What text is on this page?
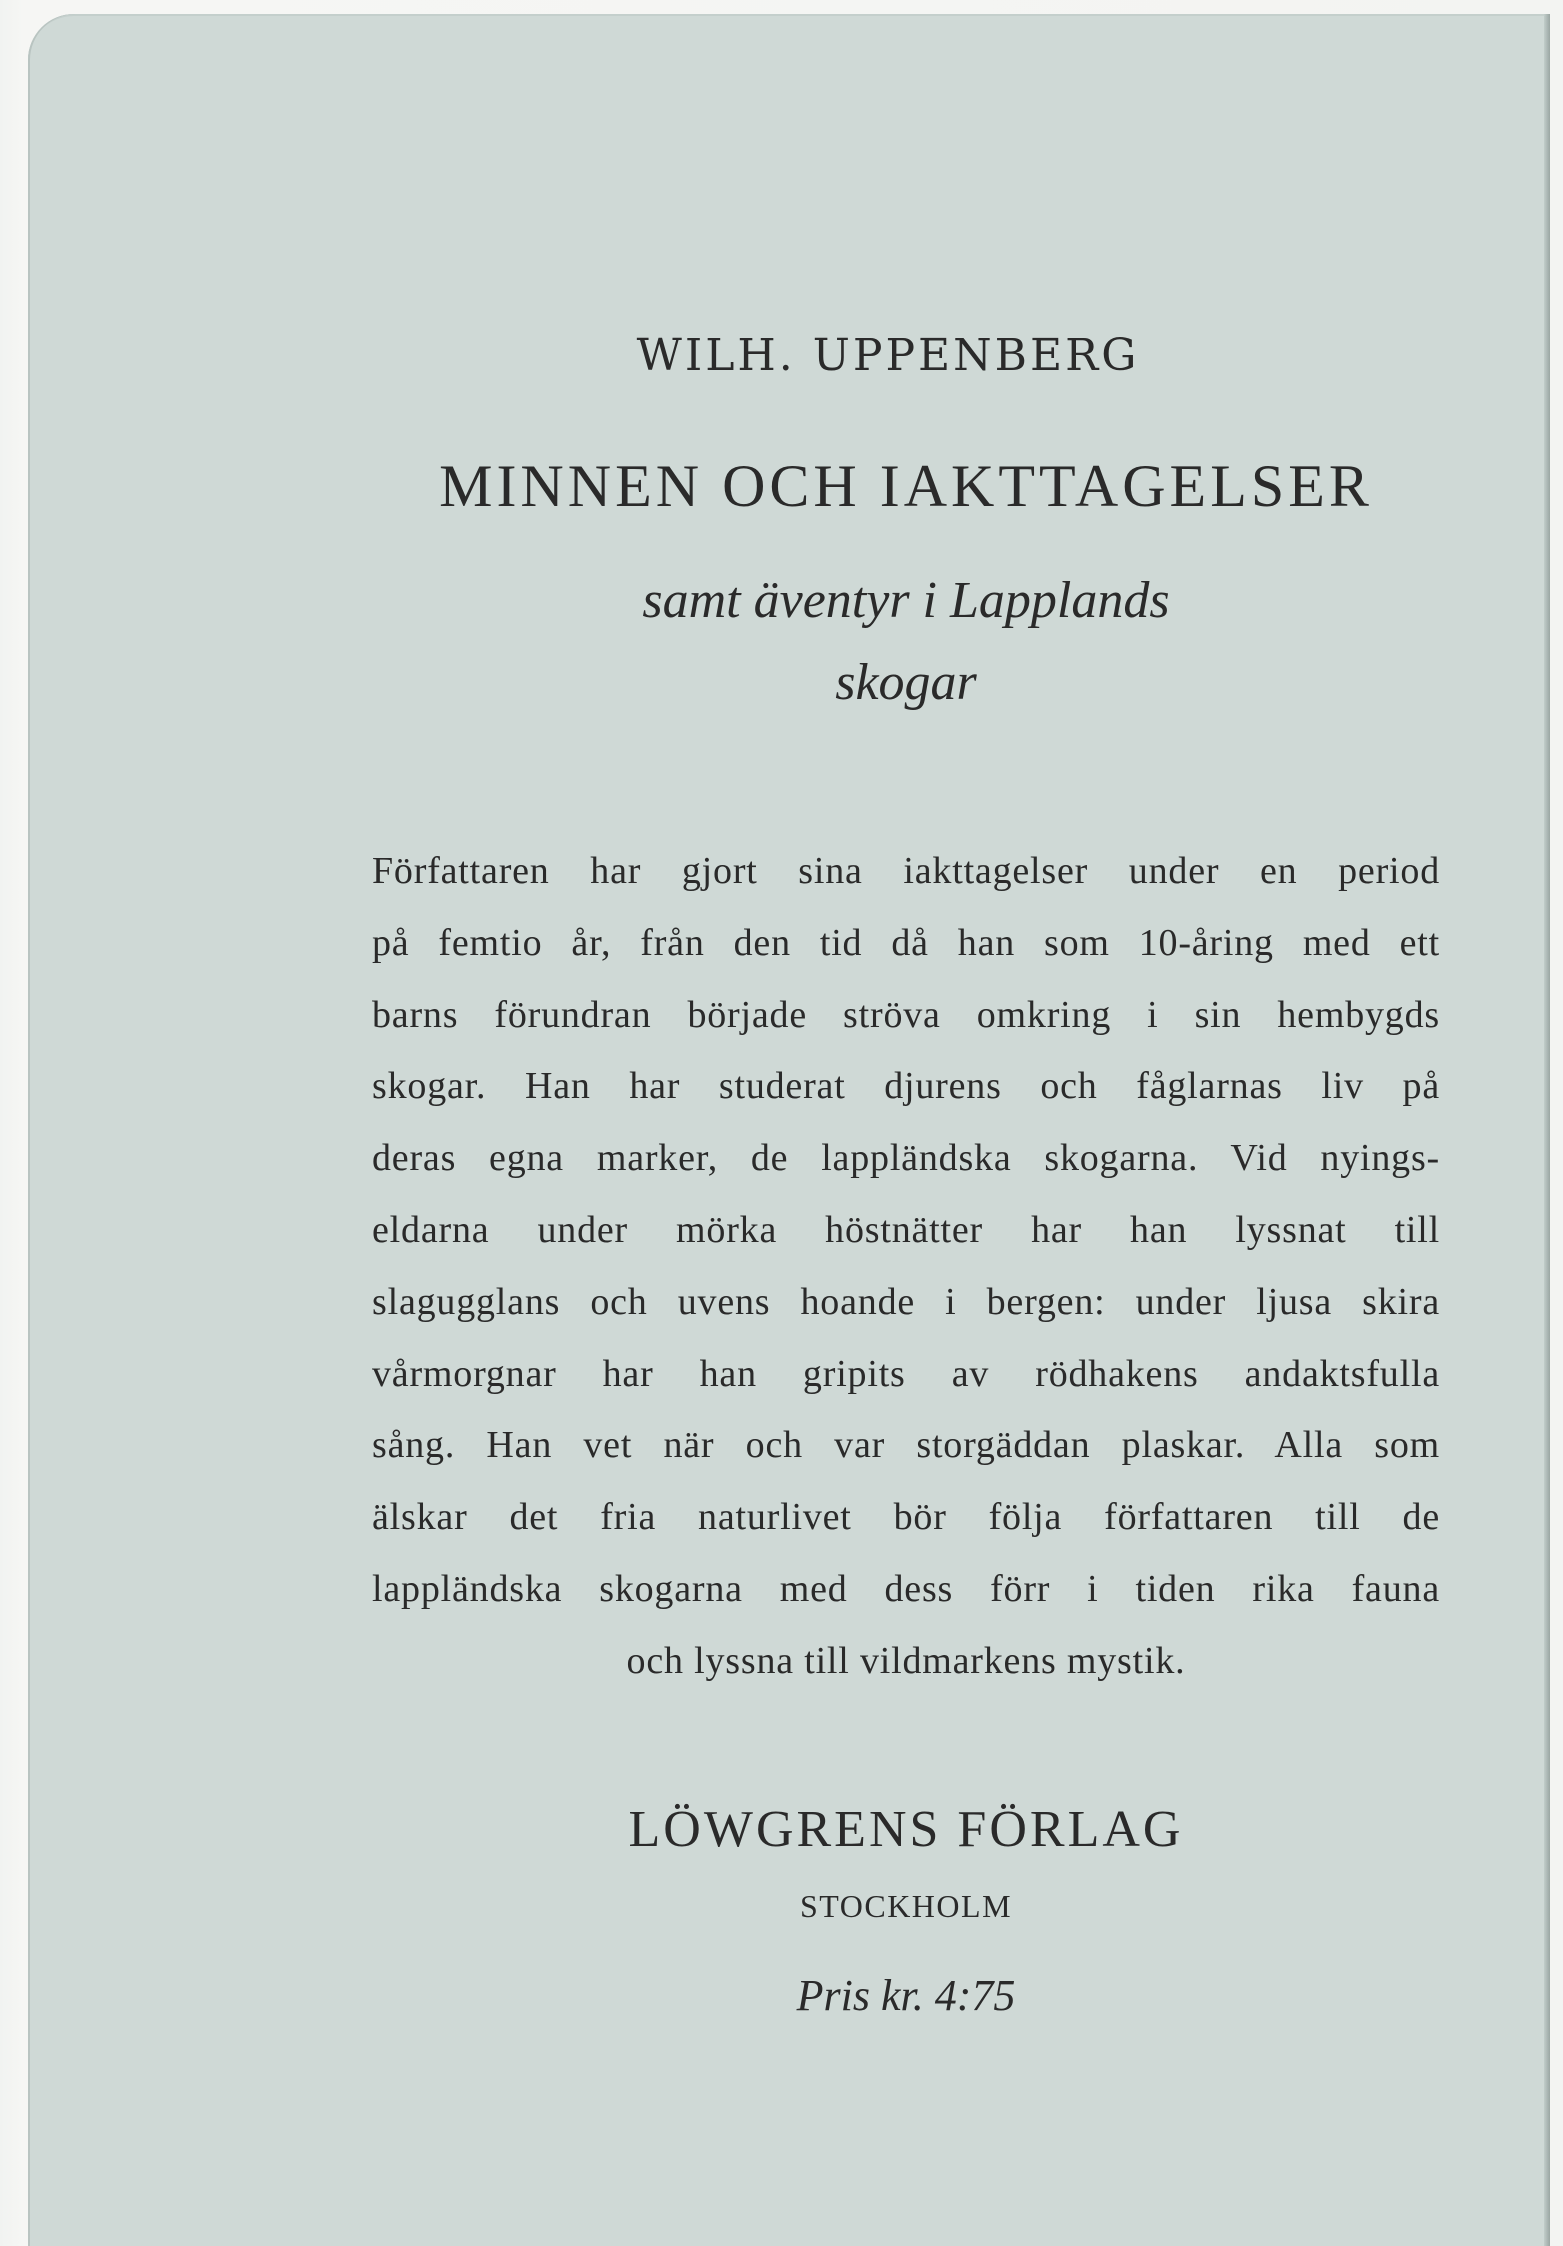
WILH. UPPENBERG
MINNEN OCH IAKTTAGELSER
samt äventyr i Lapplands
skogar
Författaren har gjort sina iakttagelser under en period
på femtio år, från den tid då han som 10-åring med ett
barns förundran började ströva omkring i sin hembygds
skogar. Han har studerat djurens och fåglarnas liv på
deras egna marker, de lappländska skogarna. Vid nyings-
eldarna under mörka höstnätter har han lyssnat till
slagugglans och uvens hoande i bergen: under ljusa skira
vårmorgnar har han gripits av rödhakens andaktsfulla
sång. Han vet när och var storgäddan plaskar. Alla som
älskar det fria naturlivet bör följa författaren till de
lappländska skogarna med dess förr i tiden rika fauna
och lyssna till vildmarkens mystik.
LÖWGRENS FÖRLAG
STOCKHOLM
Pris kr. 4:75
